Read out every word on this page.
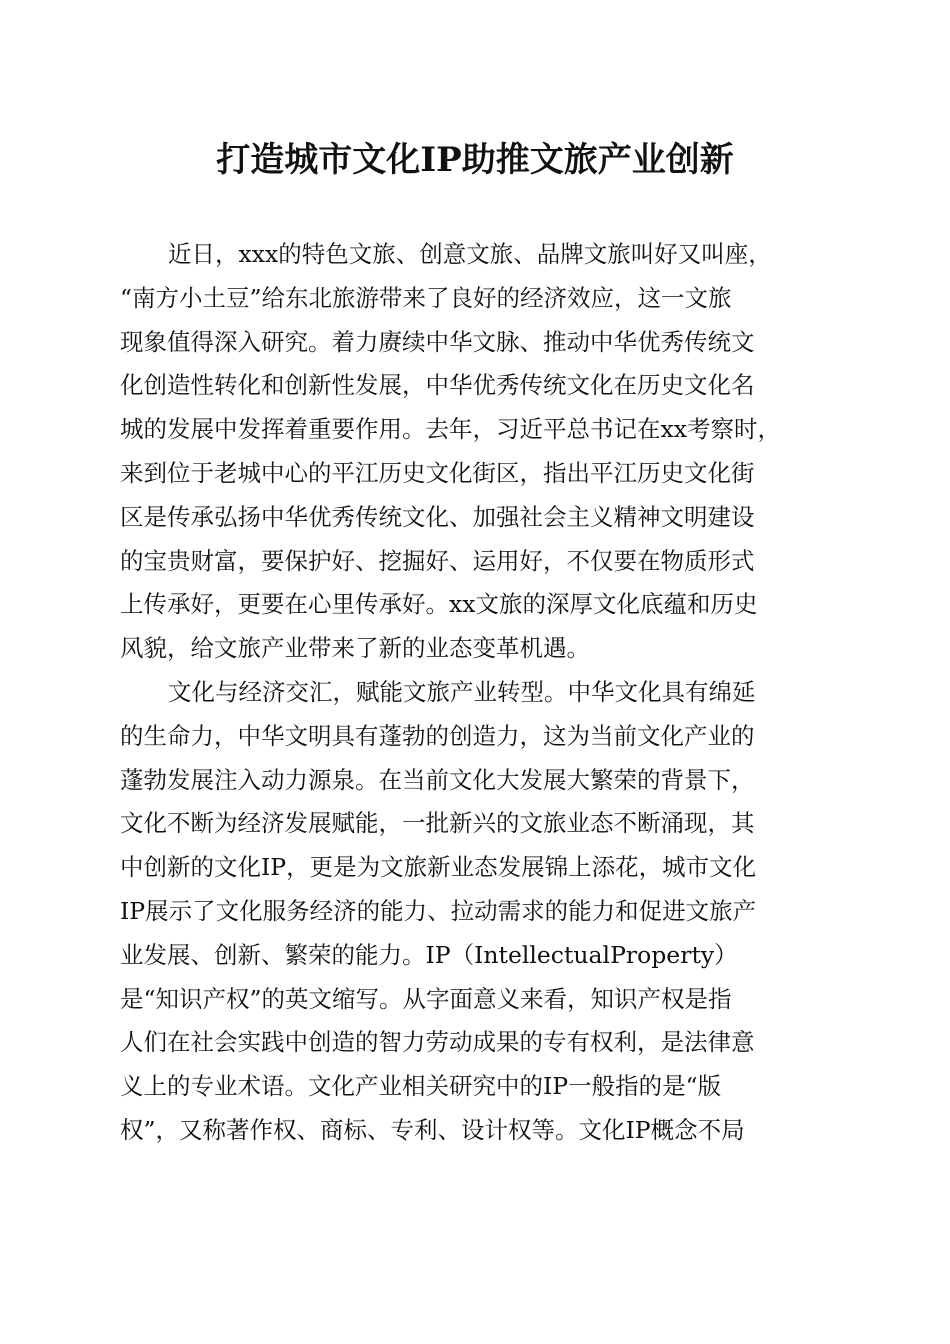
打造城市文化IP助推文旅产业创新
近日，xxx的特色文旅、创意文旅、品牌文旅叫好又叫座，
“南方小土豆”给东北旅游带来了良好的经济效应，这一文旅
现象值得深入研究。着力赓续中华文脉、推动中华优秀传统文
化创造性转化和创新性发展，中华优秀传统文化在历史文化名
城的发展中发挥着重要作用。去年，习近平总书记在xx考察时，
来到位于老城中心的平江历史文化街区，指出平江历史文化街
区是传承弘扬中华优秀传统文化、加强社会主义精神文明建设
的宝贵财富，要保护好、挖掘好、运用好，不仅要在物质形式
上传承好，更要在心里传承好。xx文旅的深厚文化底蕴和历史
风貌，给文旅产业带来了新的业态变革机遇。
文化与经济交汇，赋能文旅产业转型。中华文化具有绵延
的生命力，中华文明具有蓬勃的创造力，这为当前文化产业的
蓬勃发展注入动力源泉。在当前文化大发展大繁荣的背景下，
文化不断为经济发展赋能，一批新兴的文旅业态不断涌现，其
中创新的文化IP，更是为文旅新业态发展锦上添花，城市文化
IP展示了文化服务经济的能力、拉动需求的能力和促进文旅产
业发展、创新、繁荣的能力。IP（IntellectualProperty）
是“知识产权”的英文缩写。从字面意义来看，知识产权是指
人们在社会实践中创造的智力劳动成果的专有权利，是法律意
义上的专业术语。文化产业相关研究中的IP一般指的是“版
权”，又称著作权、商标、专利、设计权等。文化IP概念不局
